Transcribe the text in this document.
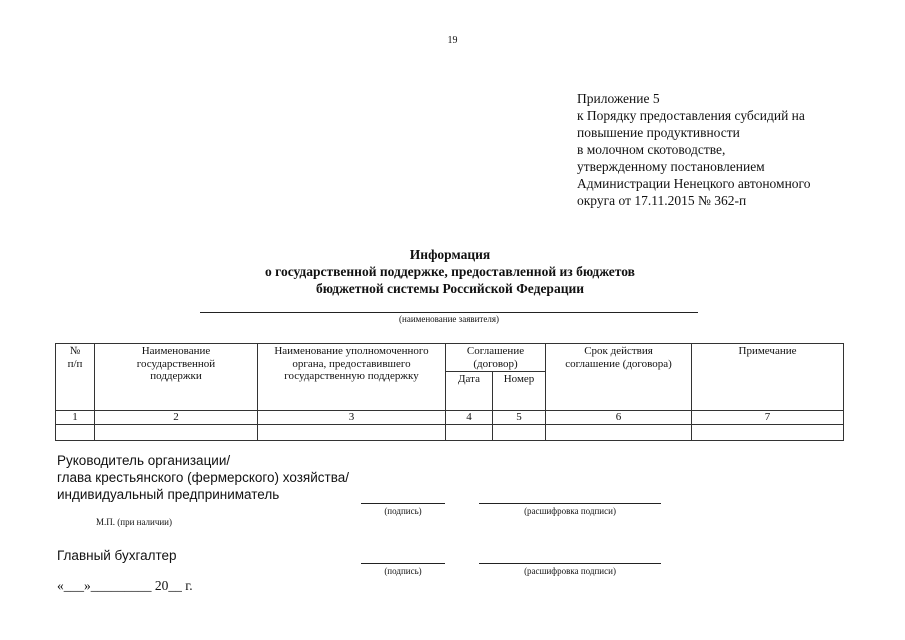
19
Приложение 5
к Порядку предоставления субсидий на
повышение продуктивности
в молочном скотоводстве,
утвержденному постановлением
Администрации Ненецкого автономного
округа от 17.11.2015 № 362-п
Информация
о государственной поддержке, предоставленной из бюджетов
бюджетной системы Российской Федерации
(наименование заявителя)
№
п/п	Наименование государственной поддержки	Наименование уполномоченного органа, предоставившего государственную поддержку	Соглашение (договор)		Срок действия соглашение (договора)	Примечание
			Дата	Номер		
1	2	3	4	5	6	7

Руководитель организации/
глава крестьянского (фермерского) хозяйства/
индивидуальный предприниматель
(подпись)	(расшифровка подписи)
М.П. (при наличии)
Главный бухгалтер
(подпись)	(расшифровка подписи)
«___»_________ 20__ г.
